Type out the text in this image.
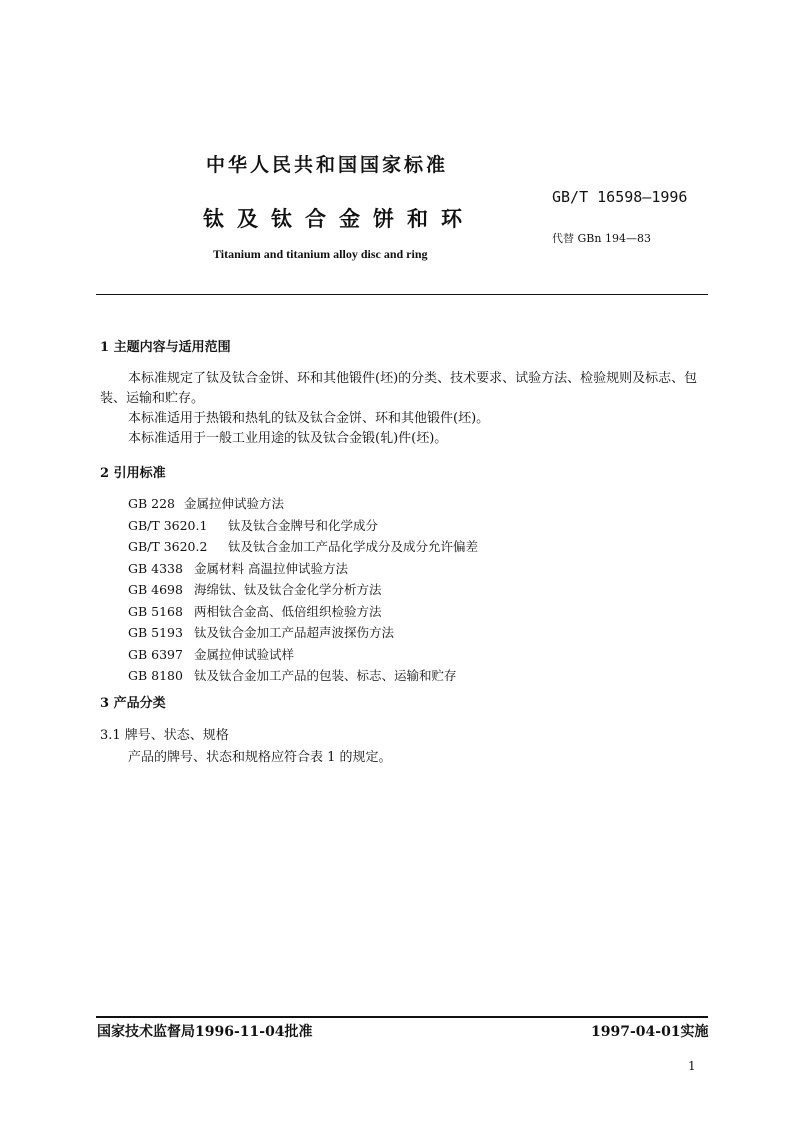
中华人民共和国国家标准
GB/T 16598—1996
钛及钛合金饼和环
代替 GBn 194—83
Titanium and titanium alloy disc and ring
1 主题内容与适用范围
本标准规定了钛及钛合金饼、环和其他锻件(坯)的分类、技术要求、试验方法、检验规则及标志、包装、运输和贮存。
本标准适用于热锻和热轧的钛及钛合金饼、环和其他锻件(坯)。
本标准适用于一般工业用途的钛及钛合金锻(轧)件(坯)。
2 引用标准
GB 228 金属拉伸试验方法
GB/T 3620.1 钛及钛合金牌号和化学成分
GB/T 3620.2 钛及钛合金加工产品化学成分及成分允许偏差
GB 4338 金属材料 高温拉伸试验方法
GB 4698 海绵钛、钛及钛合金化学分析方法
GB 5168 两相钛合金高、低倍组织检验方法
GB 5193 钛及钛合金加工产品超声波探伤方法
GB 6397 金属拉伸试验试样
GB 8180 钛及钛合金加工产品的包装、标志、运输和贮存
3 产品分类
3.1 牌号、状态、规格
产品的牌号、状态和规格应符合表 1 的规定。
国家技术监督局1996-11-04批准	1997-04-01实施
1
